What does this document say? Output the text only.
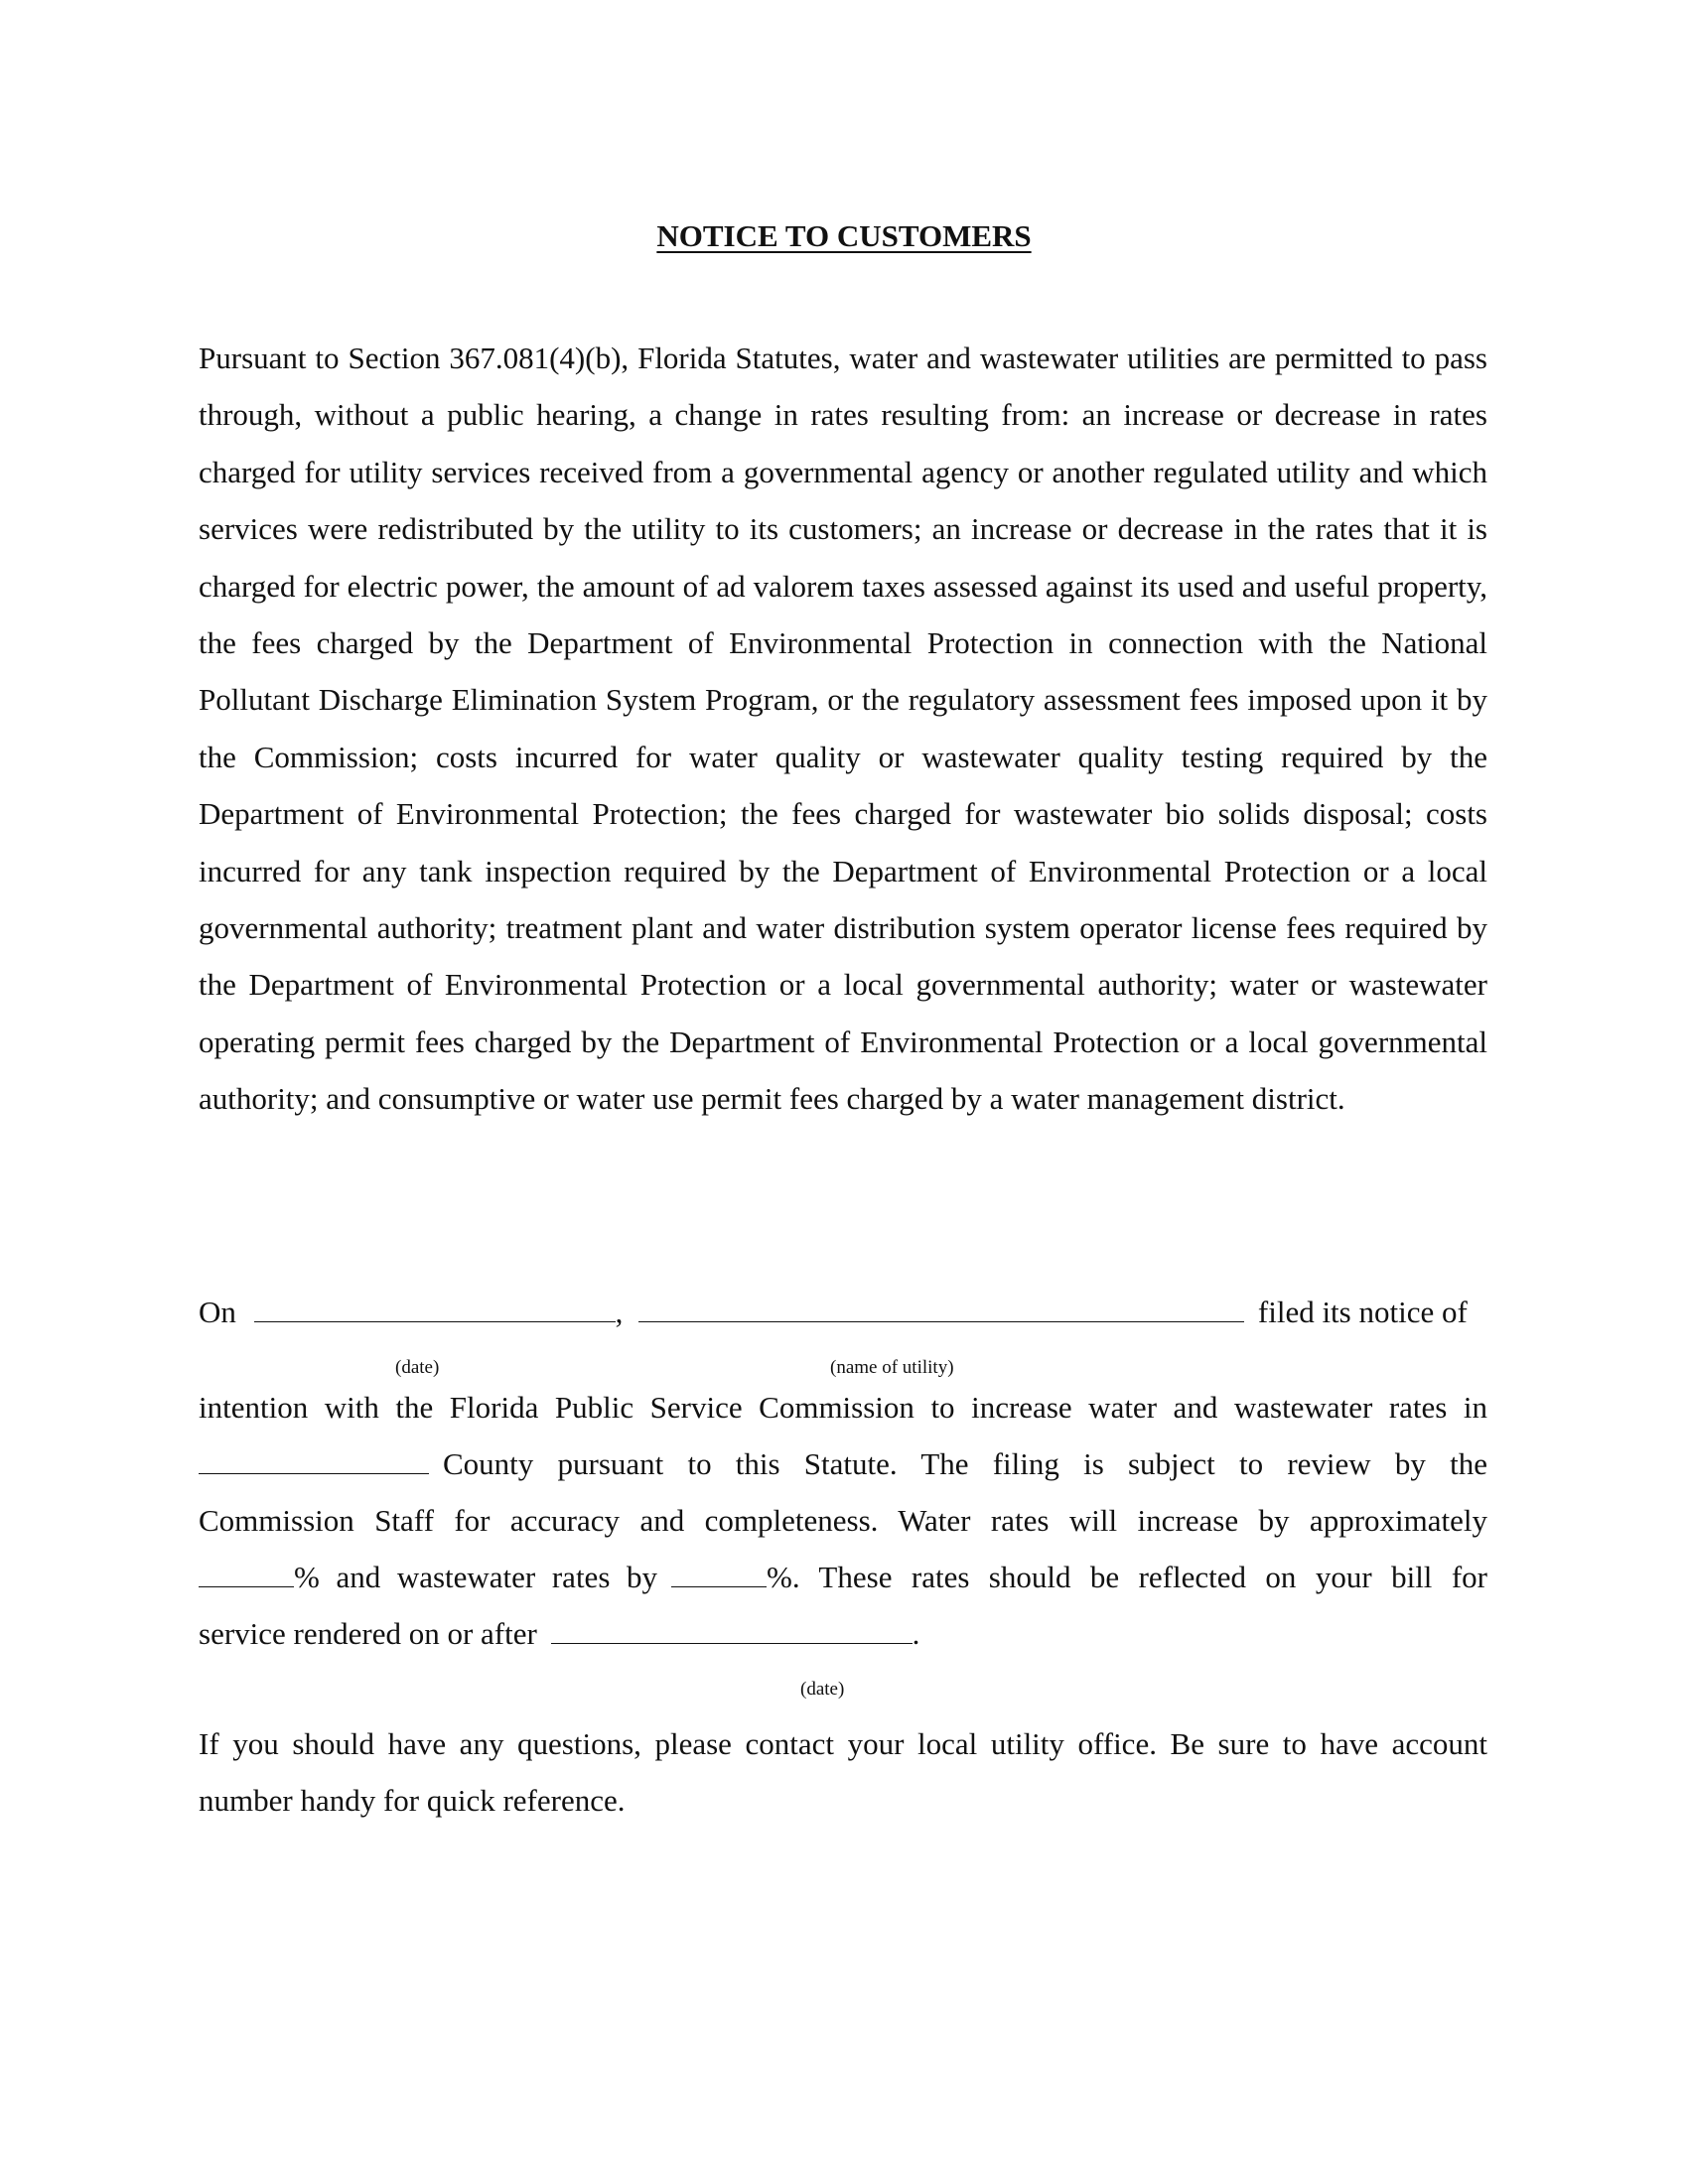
NOTICE TO CUSTOMERS

Pursuant to Section 367.081(4)(b), Florida Statutes, water and wastewater utilities are permitted to pass through, without a public hearing, a change in rates resulting from: an increase or decrease in rates charged for utility services received from a governmental agency or another regulated utility and which services were redistributed by the utility to its customers; an increase or decrease in the rates that it is charged for electric power, the amount of ad valorem taxes assessed against its used and useful property, the fees charged by the Department of Environmental Protection in connection with the National Pollutant Discharge Elimination System Program, or the regulatory assessment fees imposed upon it by the Commission; costs incurred for water quality or wastewater quality testing required by the Department of Environmental Protection; the fees charged for wastewater bio solids disposal; costs incurred for any tank inspection required by the Department of Environmental Protection or a local governmental authority; treatment plant and water distribution system operator license fees required by the Department of Environmental Protection or a local governmental authority; water or wastewater operating permit fees charged by the Department of Environmental Protection or a local governmental authority; and consumptive or water use permit fees charged by a water management district.

On	,	filed its notice of
(date)	(name of utility)
intention with the Florida Public Service Commission to increase water and wastewater rates in
County pursuant to this Statute. The filing is subject to review by the
Commission Staff for accuracy and completeness. Water rates will increase by approximately
% and wastewater rates by	%. These rates should be reflected on your bill for
service rendered on or after	.
(date)

If you should have any questions, please contact your local utility office. Be sure to have account number handy for quick reference.
